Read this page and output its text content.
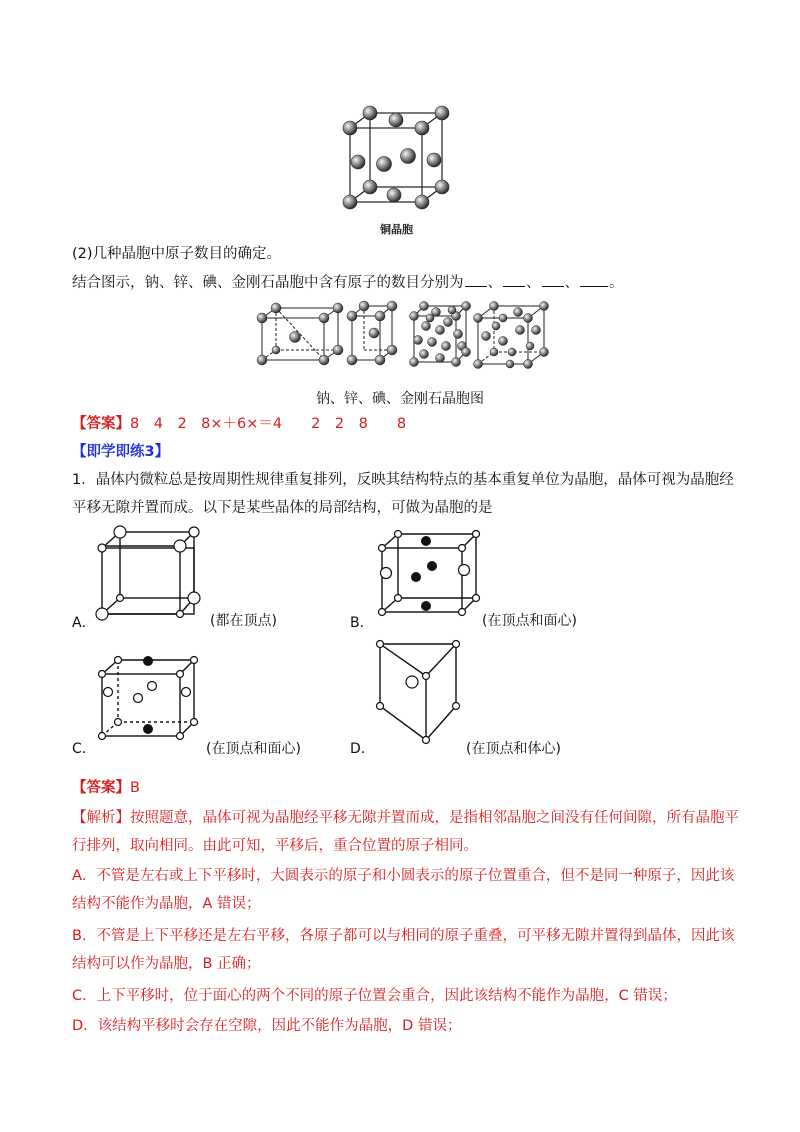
铜晶胞
(2)几种晶胞中原子数目的确定。
结合图示，钠、锌、碘、金刚石晶胞中含有原子的数目分别为 、 、 、 。
钠、锌、碘、金刚石晶胞图
【答案】8　4　2　8×＋6×＝4　　2　2　8　　8
【即学即练3】
1．晶体内微粒总是按周期性规律重复排列，反映其结构特点的基本重复单位为晶胞，晶体可视为晶胞经
平移无隙并置而成。以下是某些晶体的局部结构，可做为晶胞的是
A．	(都在顶点)	B．	(在顶点和面心)
C．	(在顶点和面心)	D．	(在顶点和体心)
【答案】B
【解析】按照题意，晶体可视为晶胞经平移无隙并置而成，是指相邻晶胞之间没有任何间隙，所有晶胞平
行排列，取向相同。由此可知，平移后，重合位置的原子相同。
A．不管是左右或上下平移时，大圆表示的原子和小圆表示的原子位置重合，但不是同一种原子，因此该
结构不能作为晶胞，A 错误；
B．不管是上下平移还是左右平移，各原子都可以与相同的原子重叠，可平移无隙并置得到晶体，因此该
结构可以作为晶胞，B 正确；
C．上下平移时，位于面心的两个不同的原子位置会重合，因此该结构不能作为晶胞，C 错误；
D．该结构平移时会存在空隙，因此不能作为晶胞，D 错误；
